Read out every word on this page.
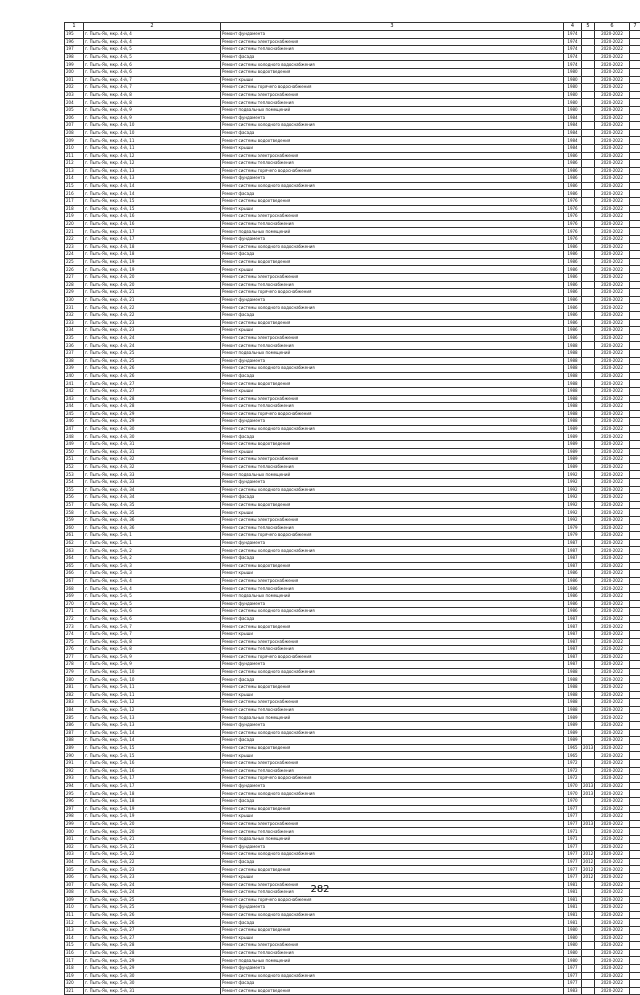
1	2	3	4	5	6	7
195	г. Пыть-Ях, мкр. 4-й, 4	Ремонт фундамента	1974		2020-2022	
196	г. Пыть-Ях, мкр. 4-й, 4	Ремонт системы электроснабжения	1974		2020-2022	
197	г. Пыть-Ях, мкр. 4-й, 5	Ремонт системы теплоснабжения	1974		2020-2022	
198	г. Пыть-Ях, мкр. 4-й, 5	Ремонт фасада	1974		2020-2022	
199	г. Пыть-Ях, мкр. 4-й, 6	Ремонт системы холодного водоснабжения	1974		2020-2022	
200	г. Пыть-Ях, мкр. 4-й, 6	Ремонт системы водоотведения	1980		2020-2022	
201	г. Пыть-Ях, мкр. 4-й, 7	Ремонт крыши	1980		2020-2022	
202	г. Пыть-Ях, мкр. 4-й, 7	Ремонт системы горячего водоснабжения	1980		2020-2022	
203	г. Пыть-Ях, мкр. 4-й, 8	Ремонт системы электроснабжения	1980		2020-2022	
204	г. Пыть-Ях, мкр. 4-й, 8	Ремонт системы теплоснабжения	1980		2020-2022	
205	г. Пыть-Ях, мкр. 4-й, 9	Ремонт подвальных помещений	1980		2020-2022	
206	г. Пыть-Ях, мкр. 4-й, 9	Ремонт фундамента	1984		2020-2022	
207	г. Пыть-Ях, мкр. 4-й, 10	Ремонт системы холодного водоснабжения	1984		2020-2022	
208	г. Пыть-Ях, мкр. 4-й, 10	Ремонт фасада	1984		2020-2022	
209	г. Пыть-Ях, мкр. 4-й, 11	Ремонт системы водоотведения	1984		2020-2022	
210	г. Пыть-Ях, мкр. 4-й, 11	Ремонт крыши	1984		2020-2022	
211	г. Пыть-Ях, мкр. 4-й, 12	Ремонт системы электроснабжения	1986		2020-2022	
212	г. Пыть-Ях, мкр. 4-й, 12	Ремонт системы теплоснабжения	1986		2020-2022	
213	г. Пыть-Ях, мкр. 4-й, 13	Ремонт системы горячего водоснабжения	1986		2020-2022	
214	г. Пыть-Ях, мкр. 4-й, 13	Ремонт фундамента	1986		2020-2022	
215	г. Пыть-Ях, мкр. 4-й, 14	Ремонт системы холодного водоснабжения	1986		2020-2022	
216	г. Пыть-Ях, мкр. 4-й, 14	Ремонт фасада	1986		2020-2022	
217	г. Пыть-Ях, мкр. 4-й, 15	Ремонт системы водоотведения	1976		2020-2022	
218	г. Пыть-Ях, мкр. 4-й, 15	Ремонт крыши	1976		2020-2022	
219	г. Пыть-Ях, мкр. 4-й, 16	Ремонт системы электроснабжения	1976		2020-2022	
220	г. Пыть-Ях, мкр. 4-й, 16	Ремонт системы теплоснабжения	1976		2020-2022	
221	г. Пыть-Ях, мкр. 4-й, 17	Ремонт подвальных помещений	1976		2020-2022	
222	г. Пыть-Ях, мкр. 4-й, 17	Ремонт фундамента	1976		2020-2022	
223	г. Пыть-Ях, мкр. 4-й, 18	Ремонт системы холодного водоснабжения	1986		2020-2022	
224	г. Пыть-Ях, мкр. 4-й, 18	Ремонт фасада	1986		2020-2022	
225	г. Пыть-Ях, мкр. 4-й, 19	Ремонт системы водоотведения	1986		2020-2022	
226	г. Пыть-Ях, мкр. 4-й, 19	Ремонт крыши	1986		2020-2022	
227	г. Пыть-Ях, мкр. 4-й, 20	Ремонт системы электроснабжения	1986		2020-2022	
228	г. Пыть-Ях, мкр. 4-й, 20	Ремонт системы теплоснабжения	1986		2020-2022	
229	г. Пыть-Ях, мкр. 4-й, 21	Ремонт системы горячего водоснабжения	1986		2020-2022	
230	г. Пыть-Ях, мкр. 4-й, 21	Ремонт фундамента	1986		2020-2022	
231	г. Пыть-Ях, мкр. 4-й, 22	Ремонт системы холодного водоснабжения	1986		2020-2022	
232	г. Пыть-Ях, мкр. 4-й, 22	Ремонт фасада	1986		2020-2022	
233	г. Пыть-Ях, мкр. 4-й, 23	Ремонт системы водоотведения	1986		2020-2022	
234	г. Пыть-Ях, мкр. 4-й, 23	Ремонт крыши	1986		2020-2022	
235	г. Пыть-Ях, мкр. 4-й, 24	Ремонт системы электроснабжения	1986		2020-2022	
236	г. Пыть-Ях, мкр. 4-й, 24	Ремонт системы теплоснабжения	1988		2020-2022	
237	г. Пыть-Ях, мкр. 4-й, 25	Ремонт подвальных помещений	1988		2020-2022	
238	г. Пыть-Ях, мкр. 4-й, 25	Ремонт фундамента	1988		2020-2022	
239	г. Пыть-Ях, мкр. 4-й, 26	Ремонт системы холодного водоснабжения	1988		2020-2022	
240	г. Пыть-Ях, мкр. 4-й, 26	Ремонт фасада	1988		2020-2022	
241	г. Пыть-Ях, мкр. 4-й, 27	Ремонт системы водоотведения	1988		2020-2022	
242	г. Пыть-Ях, мкр. 4-й, 27	Ремонт крыши	1988		2020-2022	
243	г. Пыть-Ях, мкр. 4-й, 28	Ремонт системы электроснабжения	1988		2020-2022	
244	г. Пыть-Ях, мкр. 4-й, 28	Ремонт системы теплоснабжения	1988		2020-2022	
245	г. Пыть-Ях, мкр. 4-й, 29	Ремонт системы горячего водоснабжения	1988		2020-2022	
246	г. Пыть-Ях, мкр. 4-й, 29	Ремонт фундамента	1988		2020-2022	
247	г. Пыть-Ях, мкр. 4-й, 30	Ремонт системы холодного водоснабжения	1989		2020-2022	
248	г. Пыть-Ях, мкр. 4-й, 30	Ремонт фасада	1989		2020-2022	
249	г. Пыть-Ях, мкр. 4-й, 31	Ремонт системы водоотведения	1989		2020-2022	
250	г. Пыть-Ях, мкр. 4-й, 31	Ремонт крыши	1989		2020-2022	
251	г. Пыть-Ях, мкр. 4-й, 32	Ремонт системы электроснабжения	1989		2020-2022	
252	г. Пыть-Ях, мкр. 4-й, 32	Ремонт системы теплоснабжения	1989		2020-2022	
253	г. Пыть-Ях, мкр. 4-й, 33	Ремонт подвальных помещений	1992		2020-2022	
254	г. Пыть-Ях, мкр. 4-й, 33	Ремонт фундамента	1992		2020-2022	
255	г. Пыть-Ях, мкр. 4-й, 34	Ремонт системы холодного водоснабжения	1992		2020-2022	
256	г. Пыть-Ях, мкр. 4-й, 34	Ремонт фасада	1992		2020-2022	
257	г. Пыть-Ях, мкр. 4-й, 35	Ремонт системы водоотведения	1992		2020-2022	
258	г. Пыть-Ях, мкр. 4-й, 35	Ремонт крыши	1992		2020-2022	
259	г. Пыть-Ях, мкр. 4-й, 36	Ремонт системы электроснабжения	1992		2020-2022	
260	г. Пыть-Ях, мкр. 4-й, 36	Ремонт системы теплоснабжения	1979		2020-2022	
261	г. Пыть-Ях, мкр. 5-й, 1	Ремонт системы горячего водоснабжения	1979		2020-2022	
262	г. Пыть-Ях, мкр. 5-й, 1	Ремонт фундамента	1987		2020-2022	
263	г. Пыть-Ях, мкр. 5-й, 2	Ремонт системы холодного водоснабжения	1987		2020-2022	
264	г. Пыть-Ях, мкр. 5-й, 2	Ремонт фасада	1987		2020-2022	
265	г. Пыть-Ях, мкр. 5-й, 3	Ремонт системы водоотведения	1987		2020-2022	
266	г. Пыть-Ях, мкр. 5-й, 3	Ремонт крыши	1986		2020-2022	
267	г. Пыть-Ях, мкр. 5-й, 4	Ремонт системы электроснабжения	1986		2020-2022	
268	г. Пыть-Ях, мкр. 5-й, 4	Ремонт системы теплоснабжения	1986		2020-2022	
269	г. Пыть-Ях, мкр. 5-й, 5	Ремонт подвальных помещений	1986		2020-2022	
270	г. Пыть-Ях, мкр. 5-й, 5	Ремонт фундамента	1986		2020-2022	
271	г. Пыть-Ях, мкр. 5-й, 6	Ремонт системы холодного водоснабжения	1986		2020-2022	
272	г. Пыть-Ях, мкр. 5-й, 6	Ремонт фасада	1987		2020-2022	
273	г. Пыть-Ях, мкр. 5-й, 7	Ремонт системы водоотведения	1987		2020-2022	
274	г. Пыть-Ях, мкр. 5-й, 7	Ремонт крыши	1987		2020-2022	
275	г. Пыть-Ях, мкр. 5-й, 8	Ремонт системы электроснабжения	1987		2020-2022	
276	г. Пыть-Ях, мкр. 5-й, 8	Ремонт системы теплоснабжения	1987		2020-2022	
277	г. Пыть-Ях, мкр. 5-й, 9	Ремонт системы горячего водоснабжения	1987		2020-2022	
278	г. Пыть-Ях, мкр. 5-й, 9	Ремонт фундамента	1987		2020-2022	
279	г. Пыть-Ях, мкр. 5-й, 10	Ремонт системы холодного водоснабжения	1988		2020-2022	
280	г. Пыть-Ях, мкр. 5-й, 10	Ремонт фасада	1988		2020-2022	
281	г. Пыть-Ях, мкр. 5-й, 11	Ремонт системы водоотведения	1988		2020-2022	
282	г. Пыть-Ях, мкр. 5-й, 11	Ремонт крыши	1988		2020-2022	
283	г. Пыть-Ях, мкр. 5-й, 12	Ремонт системы электроснабжения	1988		2020-2022	
284	г. Пыть-Ях, мкр. 5-й, 12	Ремонт системы теплоснабжения	1988		2020-2022	
285	г. Пыть-Ях, мкр. 5-й, 13	Ремонт подвальных помещений	1989		2020-2022	
286	г. Пыть-Ях, мкр. 5-й, 13	Ремонт фундамента	1989		2020-2022	
287	г. Пыть-Ях, мкр. 5-й, 14	Ремонт системы холодного водоснабжения	1989		2020-2022	
288	г. Пыть-Ях, мкр. 5-й, 14	Ремонт фасада	1989		2020-2022	
289	г. Пыть-Ях, мкр. 5-й, 15	Ремонт системы водоотведения	1965	2013	2020-2022	
290	г. Пыть-Ях, мкр. 5-й, 15	Ремонт крыши	1965		2020-2022	
291	г. Пыть-Ях, мкр. 5-й, 16	Ремонт системы электроснабжения	1972		2020-2022	
292	г. Пыть-Ях, мкр. 5-й, 16	Ремонт системы теплоснабжения	1972		2020-2022	
293	г. Пыть-Ях, мкр. 5-й, 17	Ремонт системы горячего водоснабжения	1972		2020-2022	
294	г. Пыть-Ях, мкр. 5-й, 17	Ремонт фундамента	1970	2013	2020-2022	
295	г. Пыть-Ях, мкр. 5-й, 18	Ремонт системы холодного водоснабжения	1970	2013	2020-2022	
296	г. Пыть-Ях, мкр. 5-й, 18	Ремонт фасада	1970		2020-2022	
297	г. Пыть-Ях, мкр. 5-й, 19	Ремонт системы водоотведения	1977		2020-2022	
298	г. Пыть-Ях, мкр. 5-й, 19	Ремонт крыши	1977		2020-2022	
299	г. Пыть-Ях, мкр. 5-й, 20	Ремонт системы электроснабжения	1977	2013	2020-2022	
300	г. Пыть-Ях, мкр. 5-й, 20	Ремонт системы теплоснабжения	1971		2020-2022	
301	г. Пыть-Ях, мкр. 5-й, 21	Ремонт подвальных помещений	1971		2020-2022	
302	г. Пыть-Ях, мкр. 5-й, 21	Ремонт фундамента	1977		2020-2022	
303	г. Пыть-Ях, мкр. 5-й, 22	Ремонт системы холодного водоснабжения	1977	2012	2020-2022	
304	г. Пыть-Ях, мкр. 5-й, 22	Ремонт фасада	1977	2012	2020-2022	
305	г. Пыть-Ях, мкр. 5-й, 23	Ремонт системы водоотведения	1977	2012	2020-2022	
306	г. Пыть-Ях, мкр. 5-й, 23	Ремонт крыши	1977	2012	2020-2022	
307	г. Пыть-Ях, мкр. 5-й, 24	Ремонт системы электроснабжения	1981		2020-2022	
308	г. Пыть-Ях, мкр. 5-й, 24	Ремонт системы теплоснабжения	1981		2020-2022	
309	г. Пыть-Ях, мкр. 5-й, 25	Ремонт системы горячего водоснабжения	1981		2020-2022	
310	г. Пыть-Ях, мкр. 5-й, 25	Ремонт фундамента	1981		2020-2022	
311	г. Пыть-Ях, мкр. 5-й, 26	Ремонт системы холодного водоснабжения	1981		2020-2022	
312	г. Пыть-Ях, мкр. 5-й, 26	Ремонт фасада	1981		2020-2022	
313	г. Пыть-Ях, мкр. 5-й, 27	Ремонт системы водоотведения	1980		2020-2022	
314	г. Пыть-Ях, мкр. 5-й, 27	Ремонт крыши	1980		2020-2022	
315	г. Пыть-Ях, мкр. 5-й, 28	Ремонт системы электроснабжения	1980		2020-2022	
316	г. Пыть-Ях, мкр. 5-й, 28	Ремонт системы теплоснабжения	1980		2020-2022	
317	г. Пыть-Ях, мкр. 5-й, 29	Ремонт подвальных помещений	1980		2020-2022	
318	г. Пыть-Ях, мкр. 5-й, 29	Ремонт фундамента	1977		2020-2022	
319	г. Пыть-Ях, мкр. 5-й, 30	Ремонт системы холодного водоснабжения	1977		2020-2022	
320	г. Пыть-Ях, мкр. 5-й, 30	Ремонт фасада	1977		2020-2022	
321	г. Пыть-Ях, мкр. 5-й, 31	Ремонт системы водоотведения	1983		2020-2022	
282
